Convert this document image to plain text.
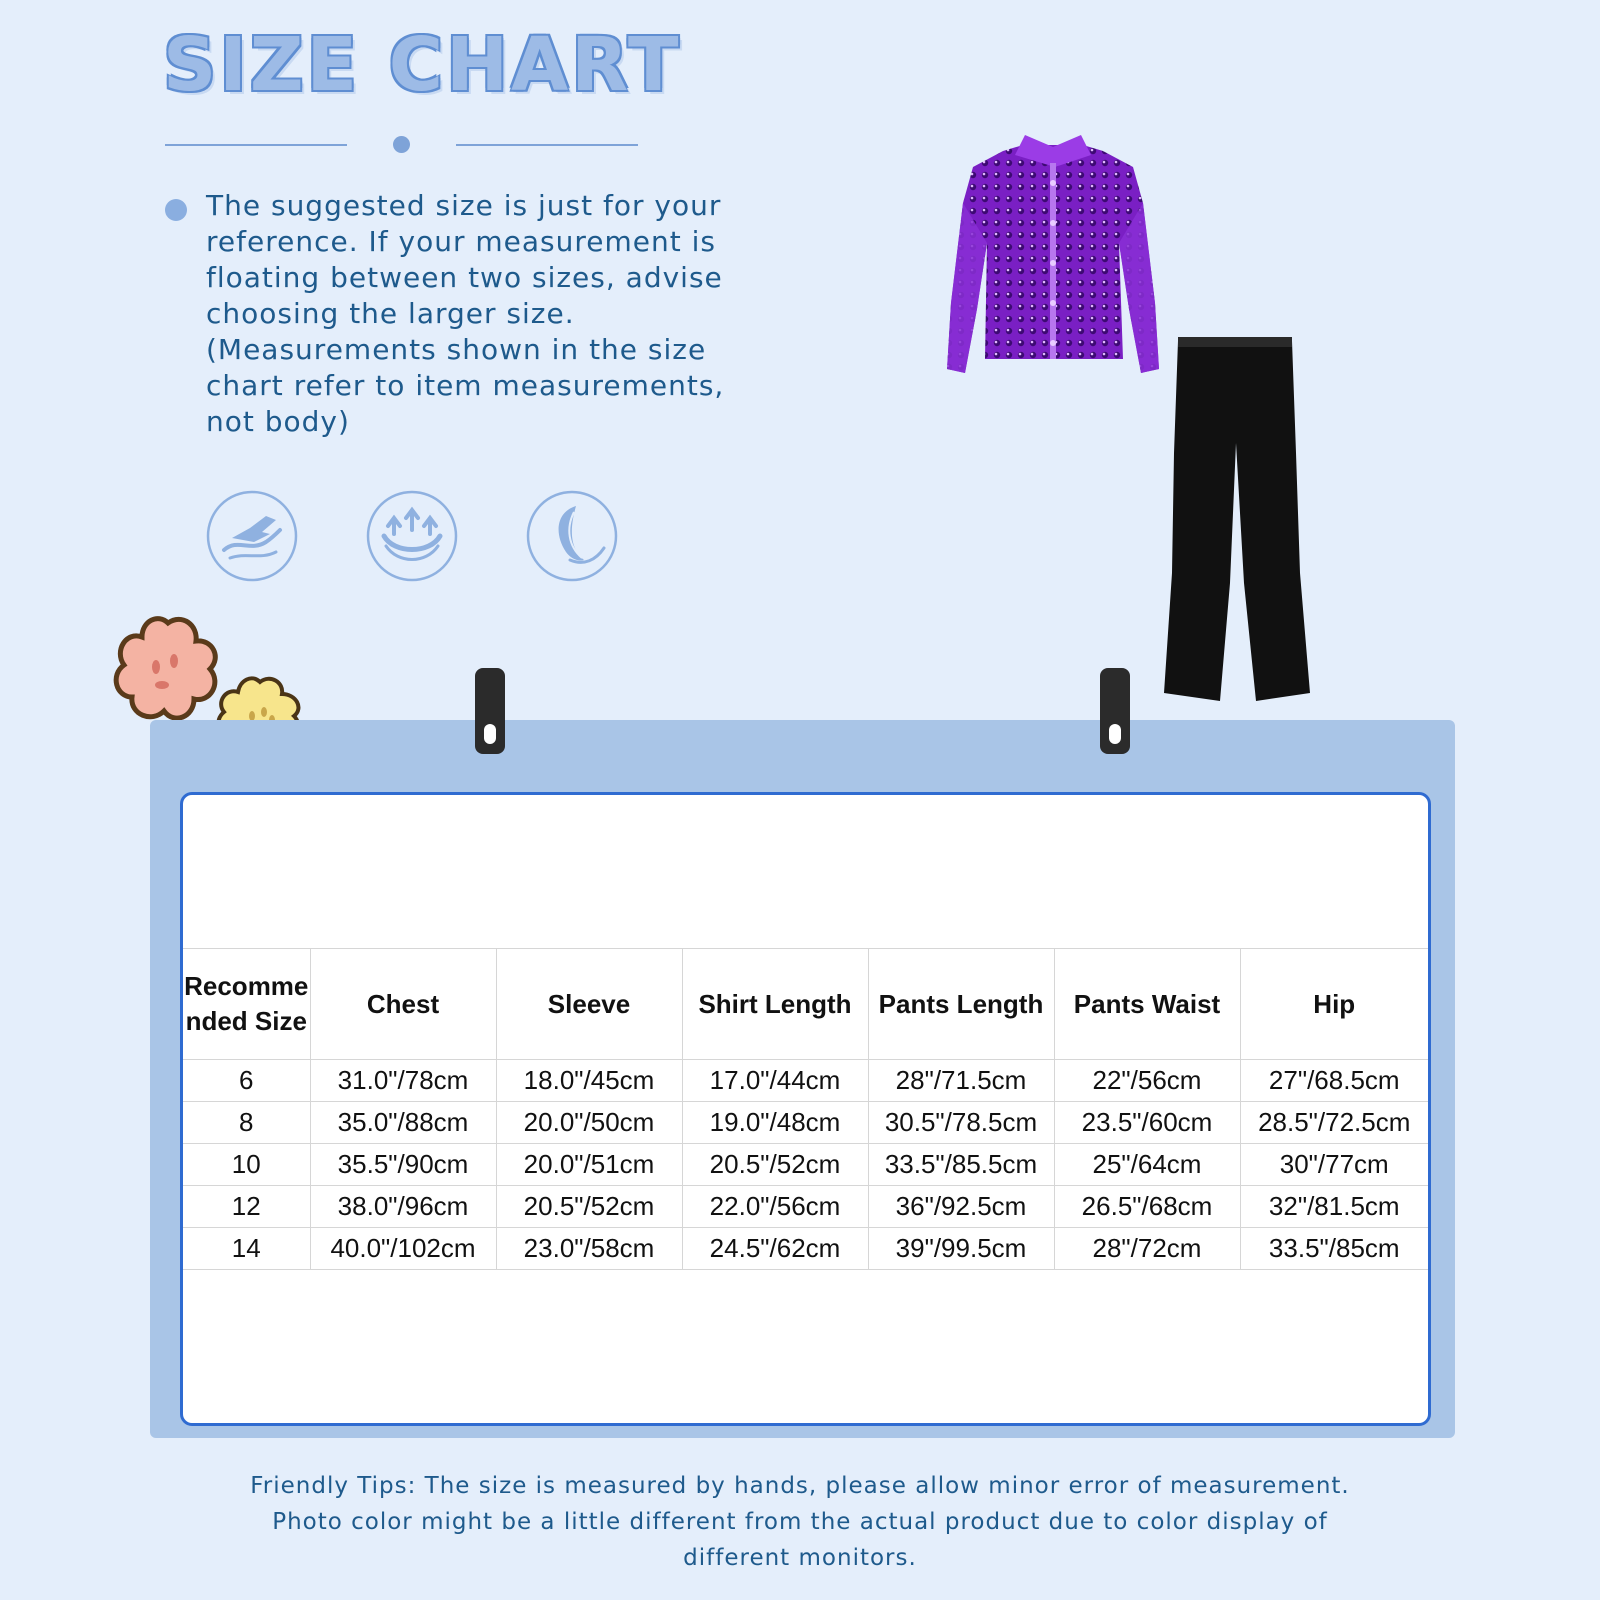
SIZE CHART
The suggested size is just for your
reference. If your measurement is
floating between two sizes, advise
choosing the larger size.
(Measurements shown in the size
chart refer to item measurements,
not body)
Recommended Size	Chest	Sleeve	Shirt Length	Pants Length	Pants Waist	Hip
6	31.0"/78cm	18.0"/45cm	17.0"/44cm	28"/71.5cm	22"/56cm	27"/68.5cm
8	35.0"/88cm	20.0"/50cm	19.0"/48cm	30.5"/78.5cm	23.5"/60cm	28.5"/72.5cm
10	35.5"/90cm	20.0"/51cm	20.5"/52cm	33.5"/85.5cm	25"/64cm	30"/77cm
12	38.0"/96cm	20.5"/52cm	22.0"/56cm	36"/92.5cm	26.5"/68cm	32"/81.5cm
14	40.0"/102cm	23.0"/58cm	24.5"/62cm	39"/99.5cm	28"/72cm	33.5"/85cm
Friendly Tips: The size is measured by hands, please allow minor error of measurement.
Photo color might be a little different from the actual product due to color display of
different monitors.
